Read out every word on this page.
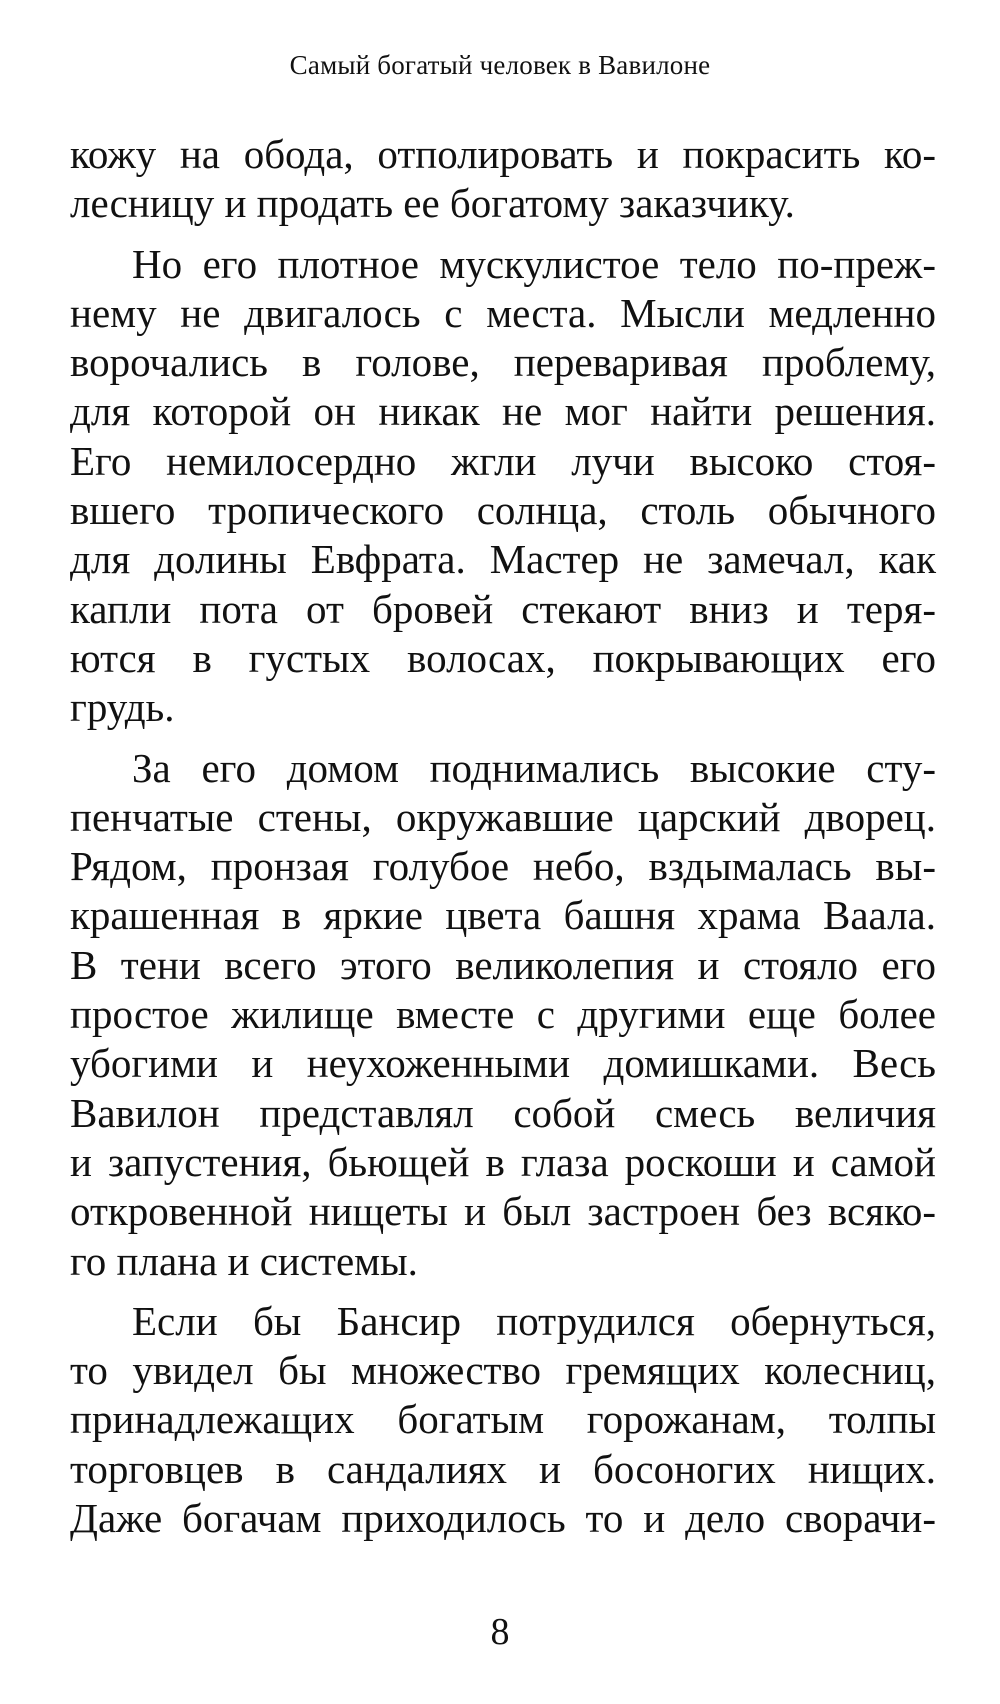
Самый богатый человек в Вавилоне
кожу на обода, отполировать и покрасить ко-
лесницу и продать ее богатому заказчику.
Но его плотное мускулистое тело по-преж-
нему не двигалось с места. Мысли медленно
ворочались в голове, переваривая проблему,
для которой он никак не мог найти решения.
Его немилосердно жгли лучи высоко стоя-
вшего тропического солнца, столь обычного
для долины Евфрата. Мастер не замечал, как
капли пота от бровей стекают вниз и теря-
ются в густых волосах, покрывающих его
грудь.
За его домом поднимались высокие сту-
пенчатые стены, окружавшие царский дворец.
Рядом, пронзая голубое небо, вздымалась вы-
крашенная в яркие цвета башня храма Ваала.
В тени всего этого великолепия и стояло его
простое жилище вместе с другими еще более
убогими и неухоженными домишками. Весь
Вавилон представлял собой смесь величия
и запустения, бьющей в глаза роскоши и самой
откровенной нищеты и был застроен без всяко-
го плана и системы.
Если бы Бансир потрудился обернуться,
то увидел бы множество гремящих колесниц,
принадлежащих богатым горожанам, толпы
торговцев в сандалиях и босоногих нищих.
Даже богачам приходилось то и дело сворачи-
8
